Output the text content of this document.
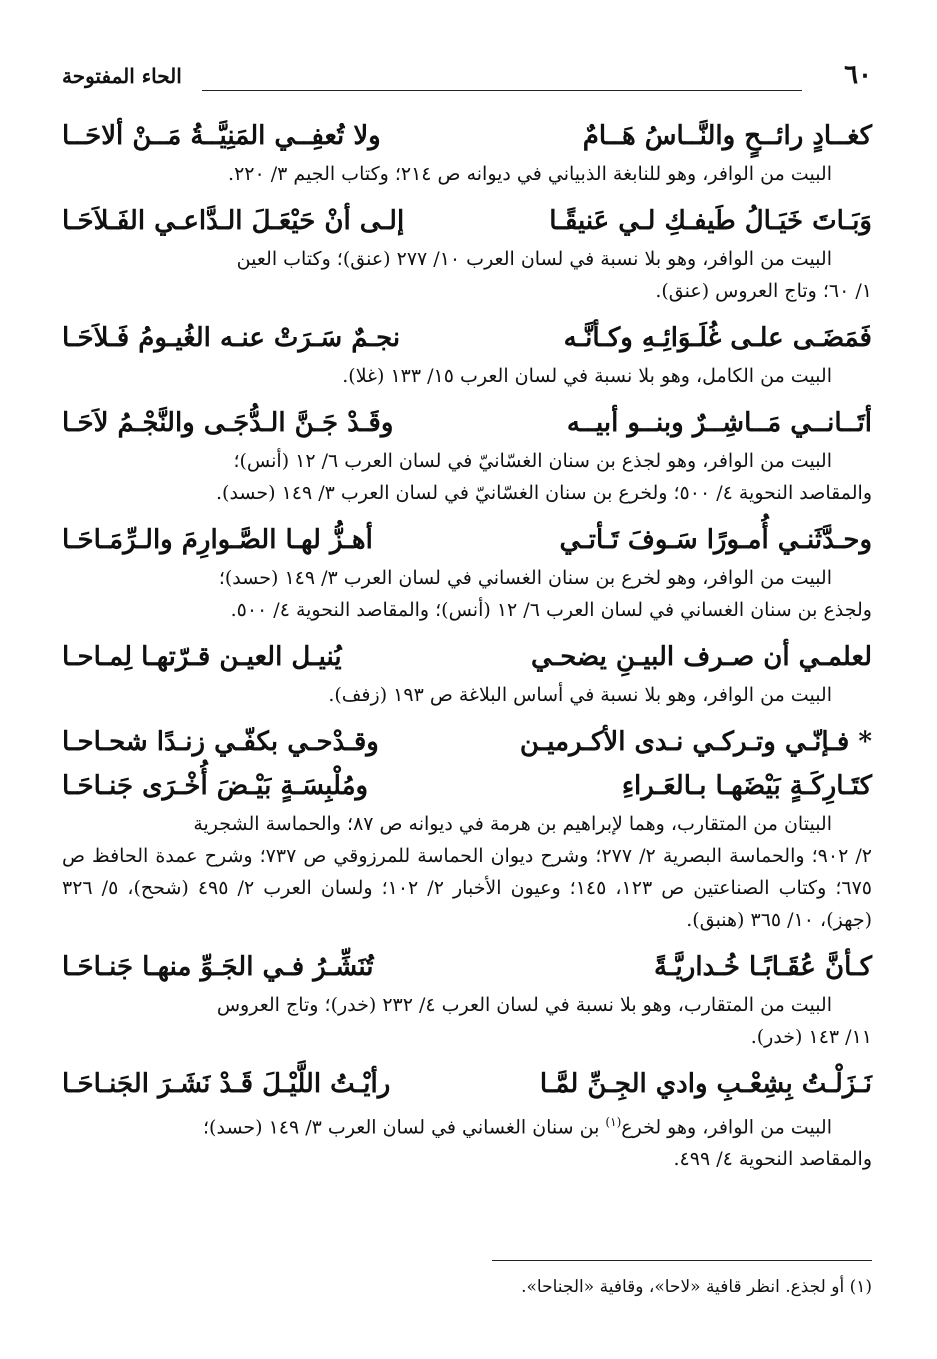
٦٠
الحاء المفتوحة
كغــادٍ رائــحٍ والنَّــاسُ هَــامٌ
ولا تُعفِــي المَنِيَّــةُ مَــنْ ألاحَــا
البيت من الوافر، وهو للنابغة الذبياني في ديوانه ص ٢١٤؛ وكتاب الجيم ٣/ ٢٢٠.
وَبَـاتَ خَيَـالُ طَيفـكِ لـي عَنيقًـا
إلـى أنْ حَيْعَـلَ الـدَّاعـي الفَـلاَحَـا
البيت من الوافر، وهو بلا نسبة في لسان العرب ١٠/ ٢٧٧ (عنق)؛ وكتاب العين
١/ ٦٠؛ وتاج العروس (عنق).
فَمَضَـى علـى غُلَـوَائِـهِ وكـأنَّـه
نجـمٌ سَـرَتْ عنـه الغُيـومُ فَـلاَحَـا
البيت من الكامل، وهو بلا نسبة في لسان العرب ١٥/ ١٣٣ (غلا).
أتَــانــي مَــاشِــرٌ وبنــو أبيــه
وقَـدْ جَـنَّ الـدُّجَـى والنَّجْـمُ لاَحَـا
البيت من الوافر، وهو لجذع بن سنان الغسّانيّ في لسان العرب ٦/ ١٢ (أنس)؛
والمقاصد النحوية ٤/ ٥٠٠؛ ولخرع بن سنان الغسّانيّ في لسان العرب ٣/ ١٤٩ (حسد).
وحـدَّثَنـي أُمـورًا سَـوفَ تَـأتـي
أهـزُّ لهـا الصَّـوارِمَ والـرِّمَـاحَـا
البيت من الوافر، وهو لخرع بن سنان الغساني في لسان العرب ٣/ ١٤٩ (حسد)؛
ولجذع بن سنان الغساني في لسان العرب ٦/ ١٢ (أنس)؛ والمقاصد النحوية ٤/ ٥٠٠.
لعلمـي أن صـرف البيـنِ يضحـي
يُنيـل العيـن قـرّتهـا لِمـاحـا
البيت من الوافر، وهو بلا نسبة في أساس البلاغة ص ١٩٣ (زفف).
* فـإنّـي وتـركـي نـدى الأكـرميـن
وقـدْحـي بكفّـي زنـدًا شحـاحـا
كتَـارِكَـةٍ بَيْضَهـا بـالعَـراءِ
ومُلْبِسَـةٍ بَيْـضَ أُخْـرَى جَنـاحَـا
البيتان من المتقارب، وهما لإبراهيم بن هرمة في ديوانه ص ٨٧؛ والحماسة الشجرية
٢/ ٩٠٢؛ والحماسة البصرية ٢/ ٢٧٧؛ وشرح ديوان الحماسة للمرزوقي ص ٧٣٧؛ وشرح عمدة الحافظ ص ٦٧٥؛ وكتاب الصناعتين ص ١٢٣، ١٤٥؛ وعيون الأخبار ٢/ ١٠٢؛ ولسان العرب ٢/ ٤٩٥ (شحح)، ٥/ ٣٢٦ (جهز)، ١٠/ ٣٦٥ (هنبق).
كـأنَّ عُقَـابًـا خُـداريَّـةً
تُنَشِّـرُ فـي الجَـوِّ منهـا جَنـاحَـا
البيت من المتقارب، وهو بلا نسبة في لسان العرب ٤/ ٢٣٢ (خدر)؛ وتاج العروس
١١/ ١٤٣ (خدر).
نَـزَلْـتُ بِشِعْـبِ وادي الجِـنِّ لمَّـا
رأيْـتُ اللَّيْـلَ قَـدْ نَشَـرَ الجَنـاحَـا
البيت من الوافر، وهو لخرع$^{(١)}$ بن سنان الغساني في لسان العرب ٣/ ١٤٩ (حسد)؛
والمقاصد النحوية ٤/ ٤٩٩.
(١) أو لجذع. انظر قافية «لاحا»، وقافية «الجناحا».
